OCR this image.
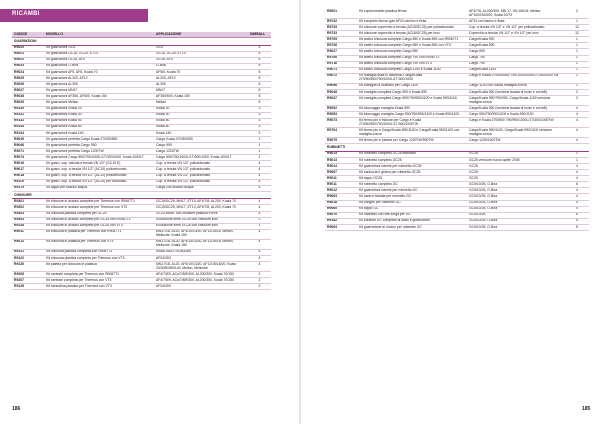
RICAMBI
CODICE	MODELLO	APPLICAZIONE	DIMBALL
GUARNIZIONI			
R9020	Kit guarnizioni GC5	GC5	5
R9021	Kit guarnizioni GC15, GC25, ET13	GC15, GC25, ET13	5
R9022	Kit guarnizioni GC35, AF4	GC35, AF4	5
R9023	Kit guarnizioni O-Bira	O-Bira	5
R9024	Kit guarnizioni AF5, AF6, Koala 70	AF5/6, Koala 70	5
R9025	Kit guarnizioni AL200, AF12	AL200, AF12	5
R9026	Kit guarnizioni AL300	AL300	5
R9027	Kit guarnizioni MN17	MN17	5
R9028	Kit guarnizioni AF350, AF500, Koala 150	AF350/500, Koala 150	5
R9029	Kit guarnizioni Mellon	Mellon	5
R9130	Kit guarnizioni Koala 20	Koala 20	3
R9131	Kit guarnizioni Koala 30	Koala 30	3
R9132	Kit guarnizioni Koala 50	Koala 50	3
R9133	Kit guarnizioni Koala 80	Koala 80	3
R9134	Kit guarnizioni Koala 140	Koala 140	3
R9045	Kit guarnizioni perfetta Cargo Koala 270/50/550	Cargo Koala 270/50/550	1
R9046	Kit guarnizioni perfetta Cargo 990	Cargo 990	1
R9071	Kit guarnizioni perfetta Cargo 1200TW	Cargo 1200TW	1
R9074	Kit guarnizioni Cargo 590/790/1000L/1T/300/1000, Koala 1000LT	Cargo 590/790/1000L/1T/300/1000, Koala 1000LT	1
R9016	Kit guarn. cop. valvola a tenuta VN 1/2" (GC15 E)	Cop. a tenuta VN 1/2" policarbonato	4
R9017	Kit guarn. cop. a tenuta VN 1/2" (AC10) policarbonato	Cop. a tenuta VN 1/2" policarbonato	4
R9018	Kit guarn. cop. a tenuta VN 1/2" (AC12) policarbonato	Cop. a tenuta VN 1/2" policarbonato	4
R9119	Kit guarn. cop. a tenuta VN 1/2" (AC20) per arrotolato	Cop. a tenuta VN 1/2" policarbonato	4
R9175	Kit tappo per scarico acqua	Cargo con scarico acqua	4
CHIUSURE			
R9301	Kit chiusure in acciaio complete per Thermos con R9067T1	GC15/GC25, MN17, ET13, AF4/7/8, AL200, Koala 70	4
R9302	Kit chiusure in acciaio complete per Thermos con VT3	GC15/GC25, MN17, ET13, AF4/7/8, AL200, Koala 70	4
R9303	Kit chiusura plastica completa per GC25	GC25 ecom. con chiusure plastica e leve	4
R9304	Kit chiusure in acciaio complete per GC25 con R9067T3	Evoluzione serie GC25 con chiusure inox	2
R9128	Kit chiusure in acciaio complete per GC25 con VT3	Evoluzione serie GC25 con chiusure inox	2
R9011	Kit chiusura in plastica per Thermos con R9067T1	MN17/18, AL20, AF4/10/13/20, AF12/15/18, Mellon, Melluche, Koala 150	4
R9012	Kit chiusura in plastica per Thermos con VT3	MN17/18, AL20, AF4/10/13/20, AF12/15/18, Mellon, Melluche, Koala 150	4
R9121	Kit chiusura plastica completa con R9067T1	Koala 260/270/280/1ell	4
R9122	Kit chiusura plastica completa per Thermos con VT3	AF04/300	4
R9126	Kit paletta per chiusura in plastica	MN17/18, AL20, AF4/10/13/20, AF12/15/18/20, Koala 20/30/50/80/140, Mellon, Melluche	4
R9205	Kit centrale completa per Thermos con R9067T1	AF4/7/8/9, ACs/7/8/9/300, AL200/300, Koala 70/150	2
R9207	Kit centrale completa per Thermos con VT3	AF4/7/8/9, ACs/7/8/9/300, AL200/300, Koala 70/150	2
R9125	Kit centralina plastica per Thermos con VT3	AF04/300	2
186
R9001	Kit coprimorsetto plastica ferma	AF4/7/8, AL200/300, MN 17, VN 1M/1N, Mellon, AF100/150/200, Koala 20/70	2
R9732	Kit completo blocco gas AF24 camino e fissa	AF24 con banco e fissa	1
R9733	Kit chiusure coperchio a tenuta (AZ15/GC25) per policarbonato	Cop. a tenuta VN 1/2" e VN 1/2" per policarbonato	12
R9733	Kit chiusure coperchio a tenuta (AZ15/GC25) per inox	Coperchio a tenuta VN 1/2" e VN 1/2" per inox	12
R9705	Kit anello chiusura completo Cargo 590 e Koala 590 con R9067T1	Cargo/Koala 590	1
R9726	Kit anello chiusura completo Cargo 590 e Koala 590 con VT3	Cargo/Koala 590	1
R9027	Kit anello chiusura completo Cargo 590	Cargo 590	1
R9706	Kit anello chiusura completo Cargo 790 con R9067T1	Cargo 790	1
R9716	Kit anello chiusura completo Cargo 790 con VT3	Cargo 790	1
R9071	Kit anello chiusura completo Cargo 1100 e Koala 1100	Cargo/Koala 1100	1
R9072	Kit maniglia fissa in alluminio Cargo/Koala 270/50/550/790/1000L/1T/300/1000	Cargo e Koala 270/50/550/ 790/1000/1000/1T/300/1000TW	1
R9056	Kit maniglia di ricambio per Cargo 1100	Cargo 1100 con nuova maniglia a leva	1
R9048	Kit maniglia completa Cargo 590 e Koala 590	Cargo/Koala 590 (versione dotata di ruote e a livelli)	2
R9047	Kit maniglia completa Cargo 590/790/990/1100 e Koala 990/1100	Cargo/Koala 590/790/990, Cargo/Koala 1100 versione maniglia a leva	2
R9052	Kit bloccaggio maniglia Koala 590	Cargo/Koala 590 (versione dotata di ruote e a livelli)	4
R9053	Kit bloccaggio maniglia Cargo 590/790/990/1100 e Koala 990/1100	Cargo 590/790/990/1100 e Koala 990/1100	4
R9073	Kit fermo pin e frizione per Cargo e Koala 270/50/550/790/1000L/1T/300/1000TW	Cargo e Koala 270/550/ 790/990/1000L/1T/300/1000TW	4
R9704	Kit fermo pin e Cargo/Koala 590/1100 e Cargo/Koala 990/1100 con maniglia a leva	Cargo/Koala 590/1100, Cargo/Koala 990/1100 versione maniglia a leva	4
R9075	Kit fermo pin e piastra per Cargo 1200TW/990TW	Cargo 1200/1200TW	4
RUBINETTI			
R9013	Kit rubinetto completo GC25 standard	GC25	1
R9013	Kit rubinetto completo GC25	GC25 versione nuova aprile 2005	1
R9014	Kit guarnizioni interne per rubinetto GC25	GC25	4
R9067	Kit cartuccia e ghiera per rubinetto GC25	GC25	4
R9011	Kit tappo GC25	GC25	4
R9011	Kit rubinetto completo GC	GC5/10/25, O-Bira	6
R9012	Kit guarnizioni interne per rubinetto GC	GC5/10/25, O-Bira	4
R9063	Kit dado e farfalla per rubinetto GC	GC5/10/25, O-Bira	4
R9018	Kit conges per rubinetto GC	GC5/10/25, O-Bira	4
R9060	Kit tappo GC	GC5/10/25, O-Bira	4
R9070	Kit rubinetto con vite lunga per GC	GC5/10/25	6
R9162	Kit corsetto GC completo di dado e guarnizione	GC5/10/25, O-Bira	5
R9063	Kit guarnizione al rinculo per rubinetto GC	GC5/10/25, O-Bira	5
185
